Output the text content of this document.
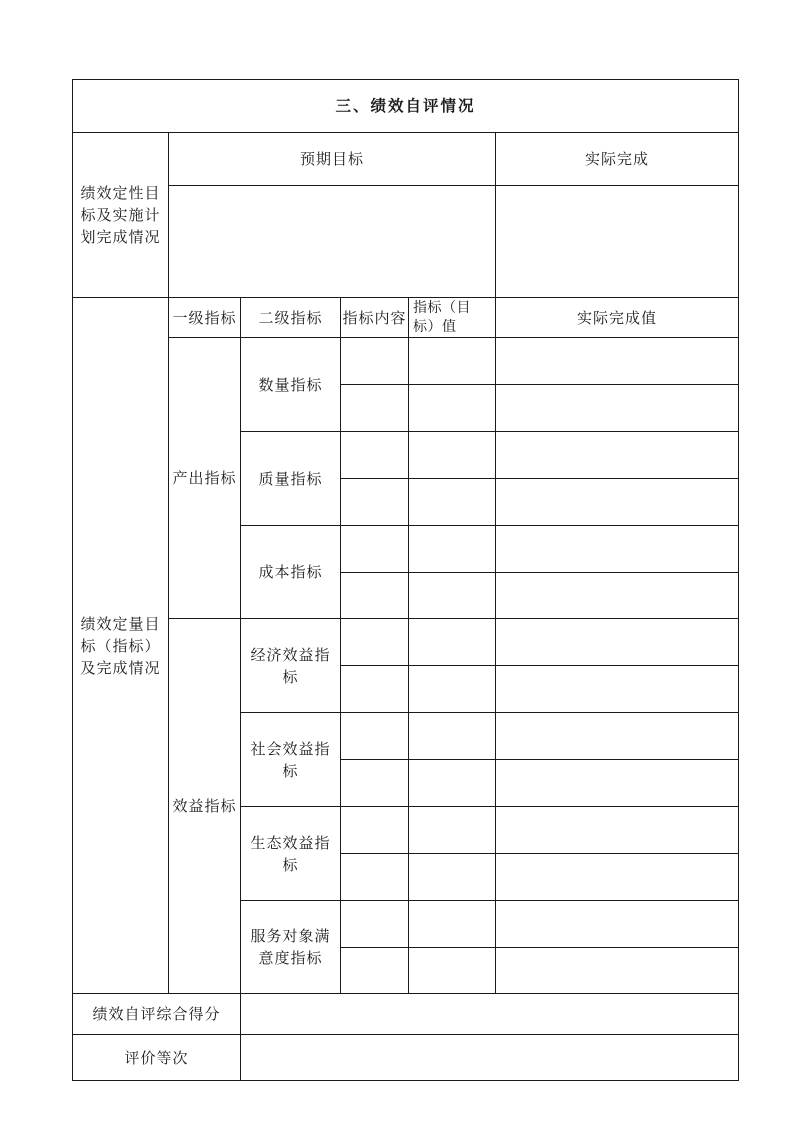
三、绩效自评情况
绩效定性目
标及实施计
划完成情况
预期目标	实际完成
绩效定量目
标（指标）
及完成情况
一级指标 二级指标 指标内容
指标（目
标）值	实际完成值
产出指标
效益指标
数量指标
质量指标
成本指标
经济效益指
标
社会效益指
标
生态效益指
标
服务对象满
意度指标
绩效自评综合得分
评价等次
